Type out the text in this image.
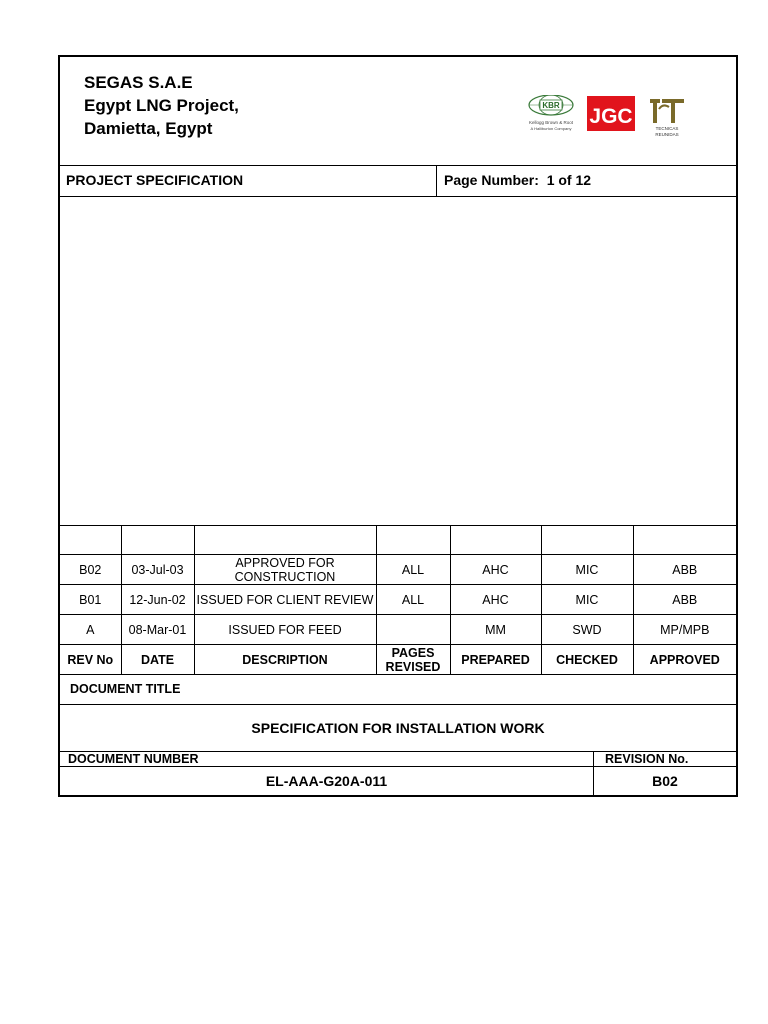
SEGAS S.A.E
Egypt LNG Project,
Damietta, Egypt
KBR
Kellogg Brown & Root
A Halliburton Company
JGC
TECNICAS
REUNIDAS
PROJECT SPECIFICATION	Page Number:  1 of 12

B02	03-Jul-03	APPROVED FOR CONSTRUCTION	ALL	AHC	MIC	ABB
B01	12-Jun-02	ISSUED FOR CLIENT REVIEW	ALL	AHC	MIC	ABB
A	08-Mar-01	ISSUED FOR FEED		MM	SWD	MP/MPB
REV No	DATE	DESCRIPTION	PAGES REVISED	PREPARED	CHECKED	APPROVED
DOCUMENT TITLE
SPECIFICATION FOR INSTALLATION WORK
DOCUMENT NUMBER	REVISION No.
EL-AAA-G20A-011	B02
